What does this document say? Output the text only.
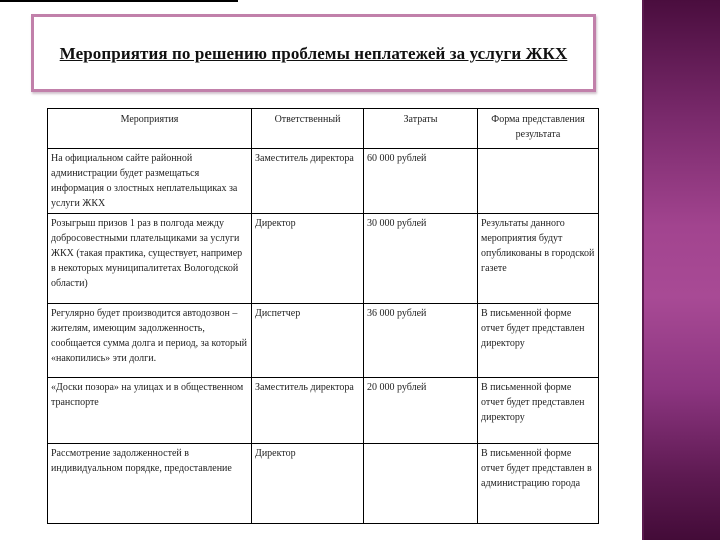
Мероприятия по решению проблемы неплатежей за услуги ЖКХ
Мероприятия	Ответственный	Затраты	Форма представления результата
На официальном сайте районной администрации будет размещаться информация о злостных неплательщиках за услуги ЖКХ	Заместитель директора	60 000 рублей	
Розыгрыш призов 1 раз в полгода между добросовестными плательщиками за услуги ЖКХ (такая практика, существует, например в некоторых муниципалитетах Вологодской области)	Директор	30 000 рублей	Результаты данного мероприятия будут опубликованы в городской газете
Регулярно будет производится автодозвон – жителям, имеющим задолженность, сообщается сумма долга и период, за который «накопились» эти долги.	Диспетчер	36 000 рублей	В письменной форме отчет будет представлен директору
«Доски позора» на улицах и в общественном транспорте	Заместитель директора	20 000 рублей	В письменной форме отчет будет представлен директору
Рассмотрение задолженностей в индивидуальном порядке, предоставление	Директор		В письменной форме отчет будет представлен в администрацию города
